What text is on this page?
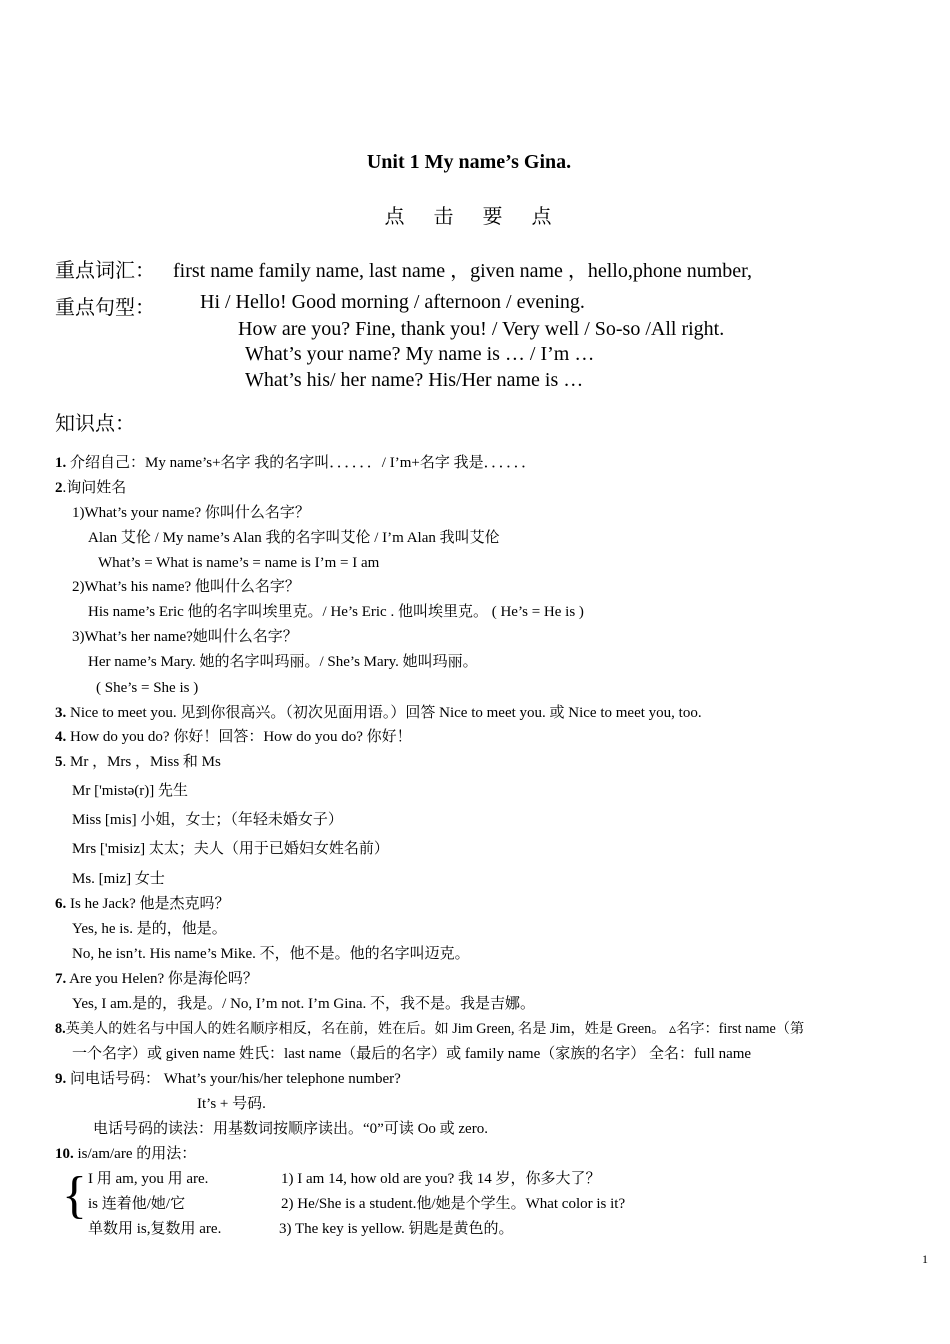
Unit 1 My name’s Gina.
点 击 要 点
重点词汇： first name family name, last name ，given name ，hello,phone number,
重点句型： Hi / Hello! Good morning / afternoon / evening.
How are you? Fine, thank you! / Very well / So-so /All right.
What’s your name? My name is … / I’m …
What’s his/ her name? His/Her name is …
知识点：
1. 介绍自己：My name’s+名字 我的名字叫．．．．．．/ I’m+名字 我是．．．．．．
2.询问姓名
1)What’s your name? 你叫什么名字？
Alan 艾伦 / My name’s Alan 我的名字叫艾伦 / I’m Alan 我叫艾伦
What’s = What is name’s = name is I’m = I am
2)What’s his name? 他叫什么名字？
His name’s Eric 他的名字叫埃里克。/ He’s Eric . 他叫埃里克。 ( He’s = He is )
3)What’s her name?她叫什么名字？
Her name’s Mary. 她的名字叫玛丽。/ She’s Mary. 她叫玛丽。
( She’s = She is )
3. Nice to meet you. 见到你很高兴。（初次见面用语。）回答 Nice to meet you. 或 Nice to meet you, too.
4. How do you do? 你好！回答：How do you do? 你好！
5. Mr ，Mrs ，Miss 和 Ms
Mr ['mistə(r)] 先生
Miss [mis] 小姐，女士；（年轻未婚女子）
Mrs ['misiz] 太太；夫人（用于已婚妇女姓名前）
Ms. [miz] 女士
6. Is he Jack? 他是杰克吗？
Yes, he is. 是的，他是。
No, he isn’t. His name’s Mike. 不，他不是。他的名字叫迈克。
7. Are you Helen? 你是海伦吗？
Yes, I am.是的，我是。/ No, I’m not. I’m Gina. 不，我不是。我是吉娜。
8.英美人的姓名与中国人的姓名顺序相反，名在前，姓在后。如 Jim Green, 名是 Jim，姓是 Green。 ▵名字：first name（第
一个名字）或 given name 姓氏：last name（最后的名字）或 family name（家族的名字） 全名：full name
9. 问电话号码： What’s your/his/her telephone number?
It’s + 号码.
电话号码的读法：用基数词按顺序读出。“0”可读 Oo 或 zero.
10. is/am/are 的用法：
{ I 用 am, you 用 are.	1) I am 14, how old are you? 我 14 岁，你多大了？
is 连着他/她/它	2) He/She is a student.他/她是个学生。What color is it?
单数用 is,复数用 are.	3) The key is yellow. 钥匙是黄色的。
1
